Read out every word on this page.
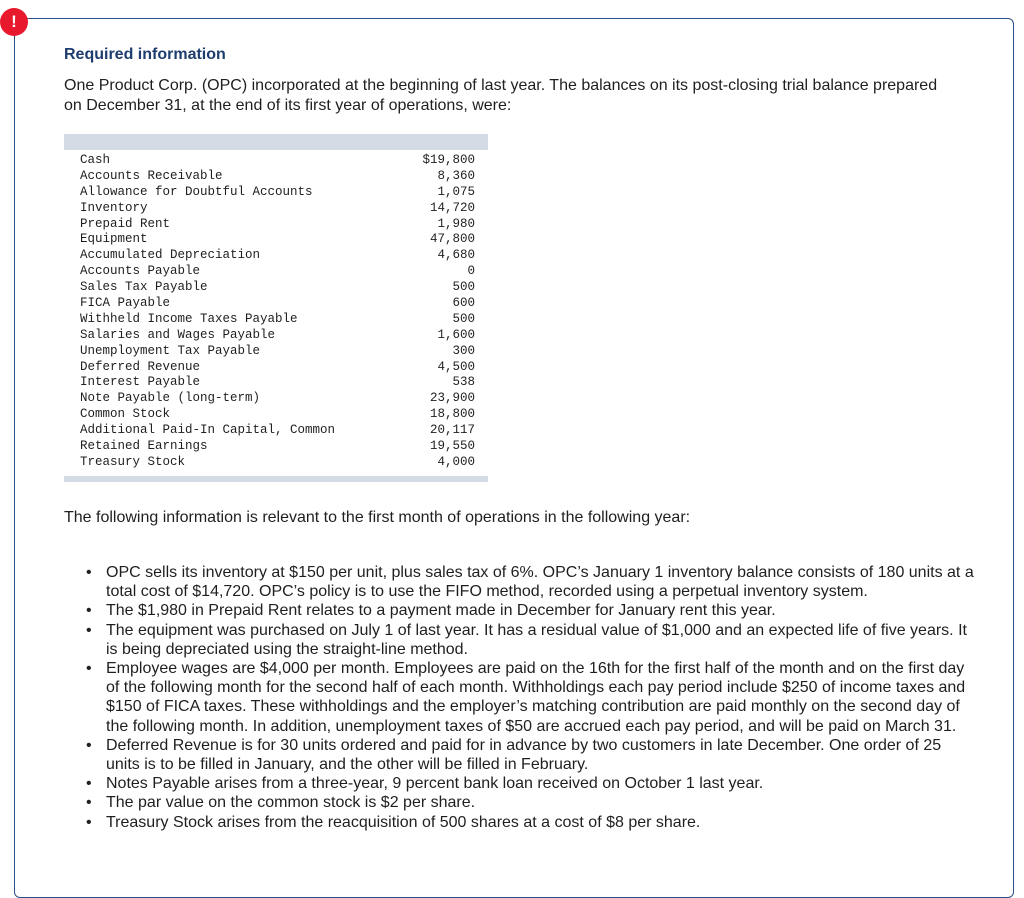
!
Required information

One Product Corp. (OPC) incorporated at the beginning of last year. The balances on its post-closing trial balance prepared on December 31, at the end of its first year of operations, were:

Cash	$19,800
Accounts Receivable	8,360
Allowance for Doubtful Accounts	1,075
Inventory	14,720
Prepaid Rent	1,980
Equipment	47,800
Accumulated Depreciation	4,680
Accounts Payable	0
Sales Tax Payable	500
FICA Payable	600
Withheld Income Taxes Payable	500
Salaries and Wages Payable	1,600
Unemployment Tax Payable	300
Deferred Revenue	4,500
Interest Payable	538
Note Payable (long-term)	23,900
Common Stock	18,800
Additional Paid-In Capital, Common	20,117
Retained Earnings	19,550
Treasury Stock	4,000

The following information is relevant to the first month of operations in the following year:

• OPC sells its inventory at $150 per unit, plus sales tax of 6%. OPC’s January 1 inventory balance consists of 180 units at a total cost of $14,720. OPC’s policy is to use the FIFO method, recorded using a perpetual inventory system.
• The $1,980 in Prepaid Rent relates to a payment made in December for January rent this year.
• The equipment was purchased on July 1 of last year. It has a residual value of $1,000 and an expected life of five years. It is being depreciated using the straight-line method.
• Employee wages are $4,000 per month. Employees are paid on the 16th for the first half of the month and on the first day of the following month for the second half of each month. Withholdings each pay period include $250 of income taxes and $150 of FICA taxes. These withholdings and the employer’s matching contribution are paid monthly on the second day of the following month. In addition, unemployment taxes of $50 are accrued each pay period, and will be paid on March 31.
• Deferred Revenue is for 30 units ordered and paid for in advance by two customers in late December. One order of 25 units is to be filled in January, and the other will be filled in February.
• Notes Payable arises from a three-year, 9 percent bank loan received on October 1 last year.
• The par value on the common stock is $2 per share.
• Treasury Stock arises from the reacquisition of 500 shares at a cost of $8 per share.
